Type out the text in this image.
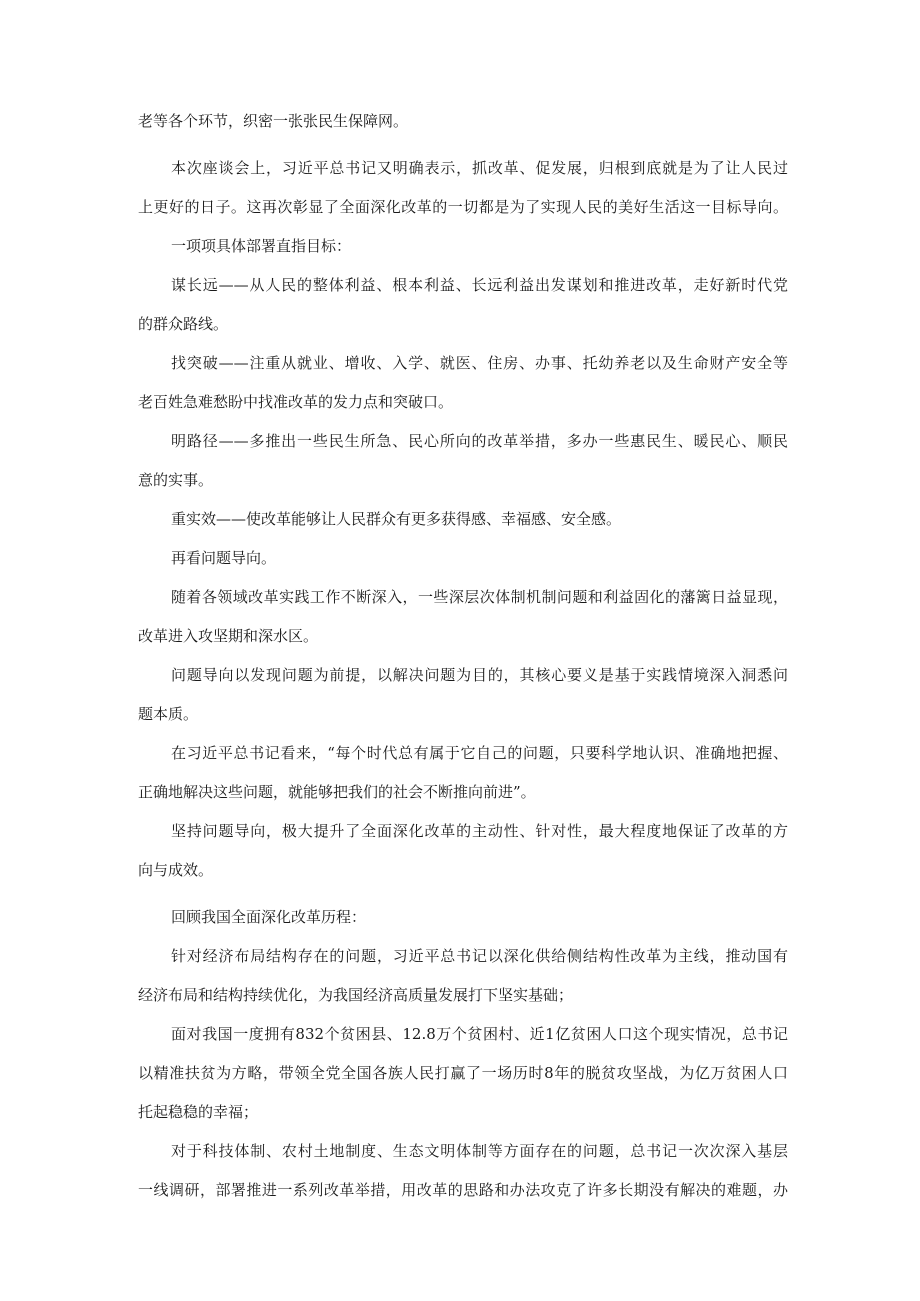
老等各个环节，织密一张张民生保障网。
本次座谈会上，习近平总书记又明确表示，抓改革、促发展，归根到底就是为了让人民过
上更好的日子。这再次彰显了全面深化改革的一切都是为了实现人民的美好生活这一目标导向。
一项项具体部署直指目标：
谋长远——从人民的整体利益、根本利益、长远利益出发谋划和推进改革，走好新时代党
的群众路线。
找突破——注重从就业、增收、入学、就医、住房、办事、托幼养老以及生命财产安全等
老百姓急难愁盼中找准改革的发力点和突破口。
明路径——多推出一些民生所急、民心所向的改革举措，多办一些惠民生、暖民心、顺民
意的实事。
重实效——使改革能够让人民群众有更多获得感、幸福感、安全感。
再看问题导向。
随着各领域改革实践工作不断深入，一些深层次体制机制问题和利益固化的藩篱日益显现，
改革进入攻坚期和深水区。
问题导向以发现问题为前提，以解决问题为目的，其核心要义是基于实践情境深入洞悉问
题本质。
在习近平总书记看来，“每个时代总有属于它自己的问题，只要科学地认识、准确地把握、
正确地解决这些问题，就能够把我们的社会不断推向前进”。
坚持问题导向，极大提升了全面深化改革的主动性、针对性，最大程度地保证了改革的方
向与成效。
回顾我国全面深化改革历程：
针对经济布局结构存在的问题，习近平总书记以深化供给侧结构性改革为主线，推动国有
经济布局和结构持续优化，为我国经济高质量发展打下坚实基础；
面对我国一度拥有832个贫困县、12.8万个贫困村、近1亿贫困人口这个现实情况，总书记
以精准扶贫为方略，带领全党全国各族人民打赢了一场历时8年的脱贫攻坚战，为亿万贫困人口
托起稳稳的幸福；
对于科技体制、农村土地制度、生态文明体制等方面存在的问题，总书记一次次深入基层
一线调研，部署推进一系列改革举措，用改革的思路和办法攻克了许多长期没有解决的难题，办
